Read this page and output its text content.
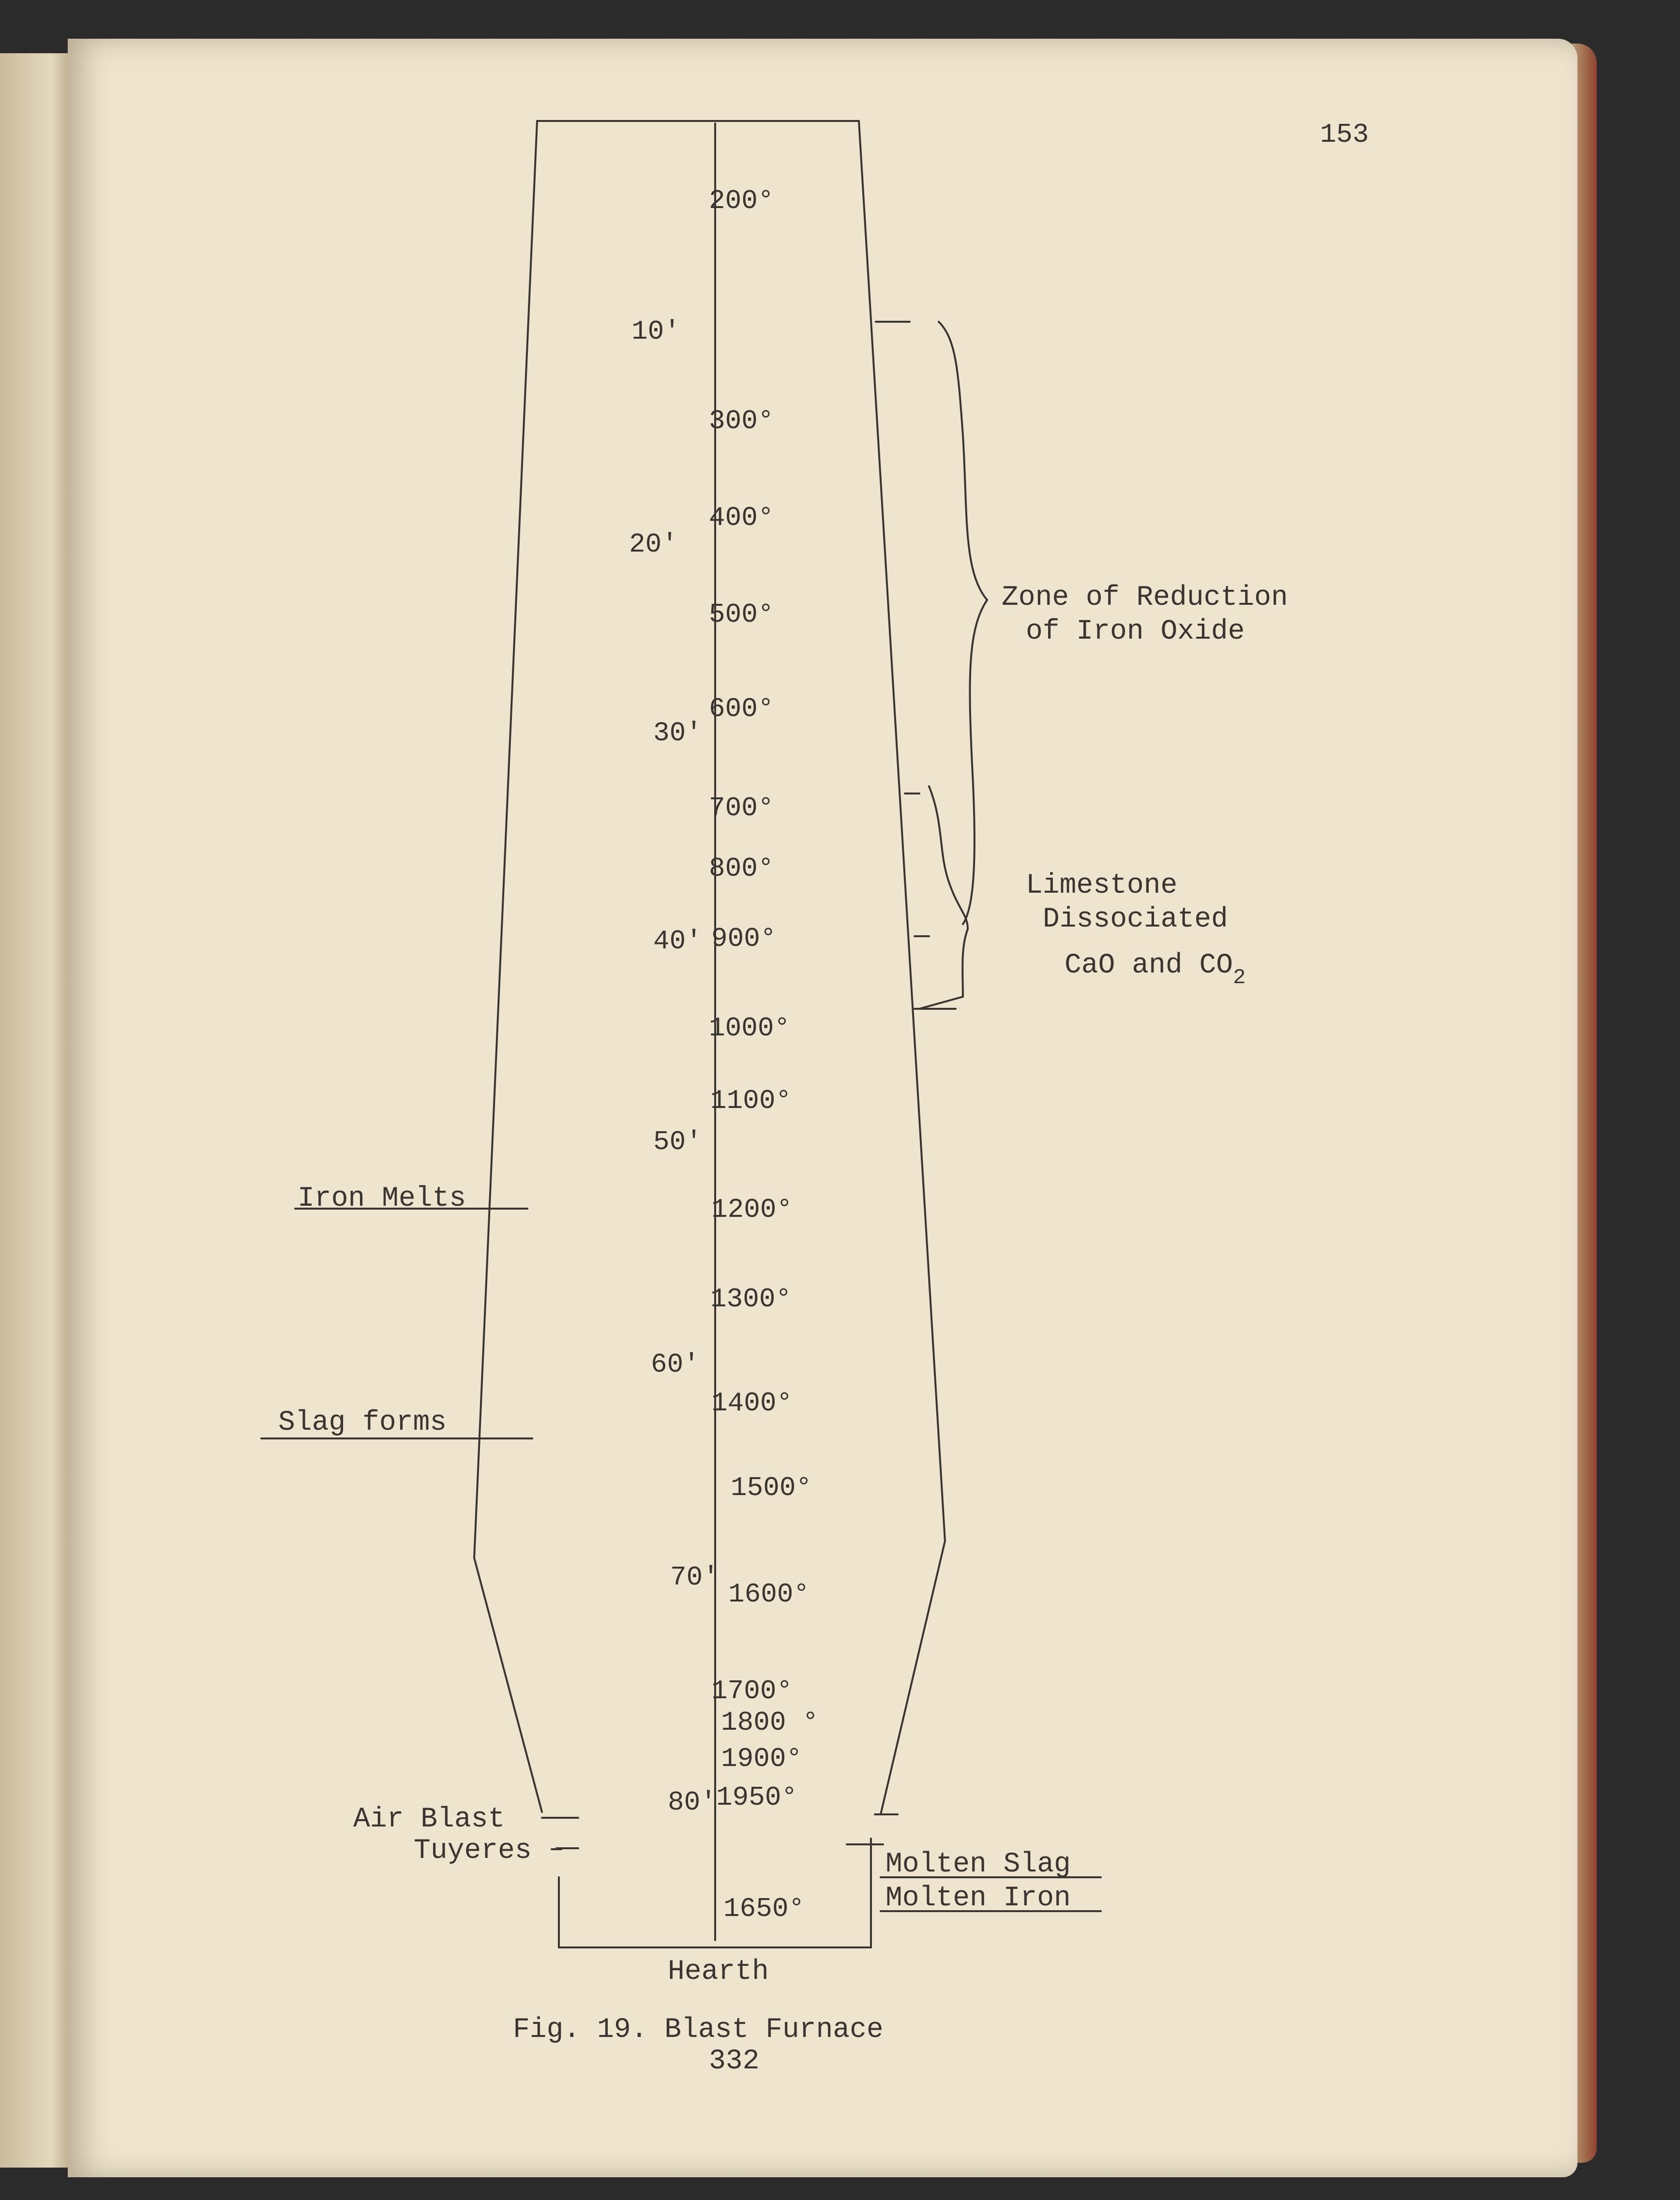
153
10'
20'
30'
40'
50'
60'
70'
80'
200°
300°
400°
500°
600°
700°
800°
900°
1000°
1100°
1200°
1300°
1400°
1500°
1600°
1700°
1800 °
1900°
1950°
1650°
Iron Melts
Slag forms
Air Blast
Tuyeres	Molten Slag
Molten Iron
Zone of Reduction
of Iron Oxide
Limestone
Dissociated
CaO and $CO_2$
Hearth
Fig. 19. Blast Furnace
332
